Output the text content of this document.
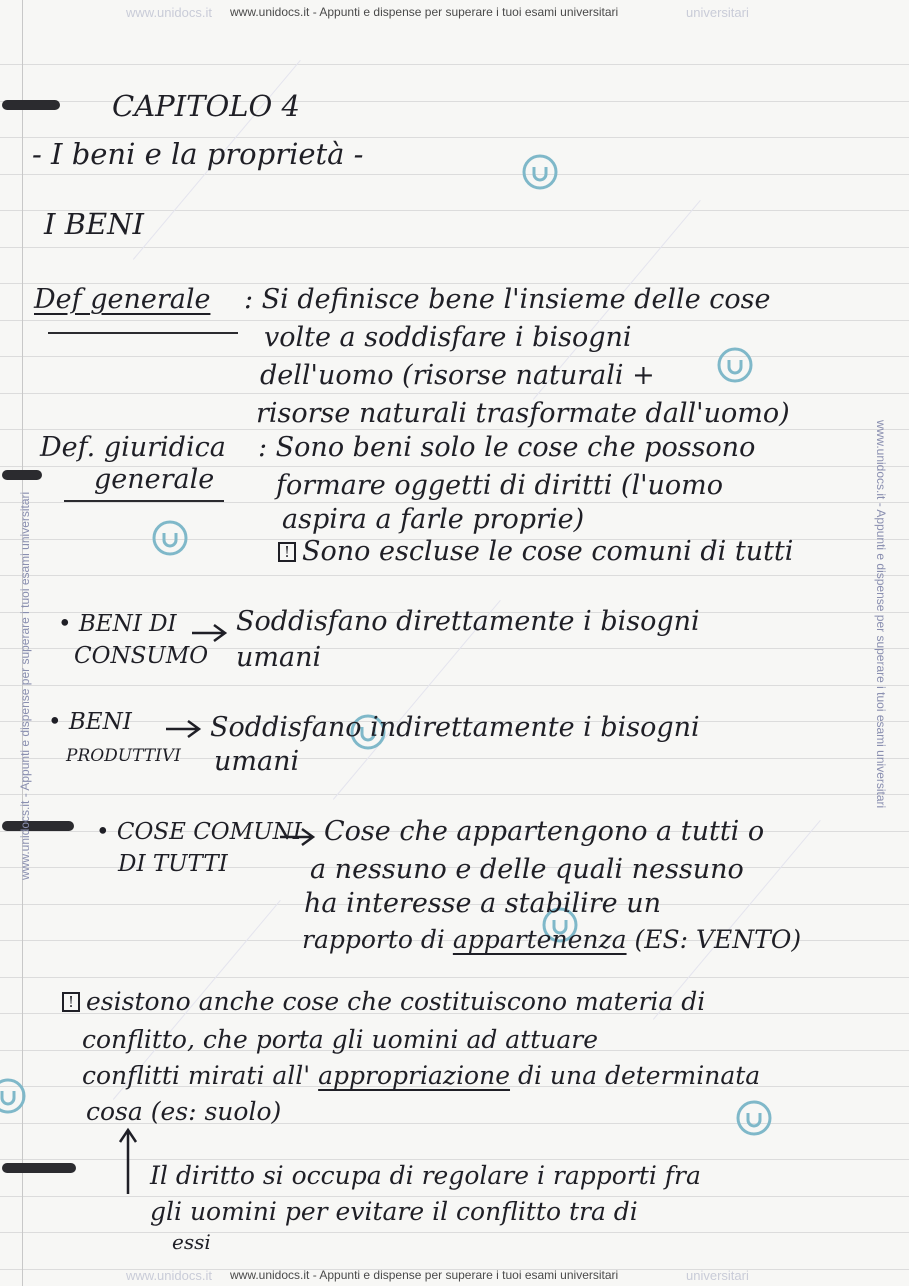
www.unidocs.it	universitari
www.unidocs.it - Appunti e dispense per superare i tuoi esami universitari
www.unidocs.it	universitari
www.unidocs.it - Appunti e dispense per superare i tuoi esami universitari
www.unidocs.it - Appunti e dispense per superare i tuoi esami universitari
www.unidocs.it - Appunti e dispense per superare i tuoi esami universitari
CAPITOLO 4
- I beni e la proprietà -
I BENI
Def generale : Si definisce bene l'insieme delle cose
volte a soddisfare i bisogni
dell'uomo (risorse naturali +
risorse naturali trasformate dall'uomo)
Def. giuridica
generale
: Sono beni solo le cose che possono
formare oggetti di diritti (l'uomo
aspira a farle proprie)
! Sono escluse le cose comuni di tutti
• BENI DI
CONSUMO
Soddisfano direttamente i bisogni
umani
• BENI
PRODUTTIVI
Soddisfano indirettamente i bisogni
umani
• COSE COMUNI
DI TUTTI
Cose che appartengono a tutti o
a nessuno e delle quali nessuno
ha interesse a stabilire un
rapporto di appartenenza (ES: VENTO)
! esistono anche cose che costituiscono materia di
conflitto, che porta gli uomini ad attuare
conflitti mirati all' appropriazione di una determinata
cosa (es: suolo)
Il diritto si occupa di regolare i rapporti fra
gli uomini per evitare il conflitto tra di
essi
